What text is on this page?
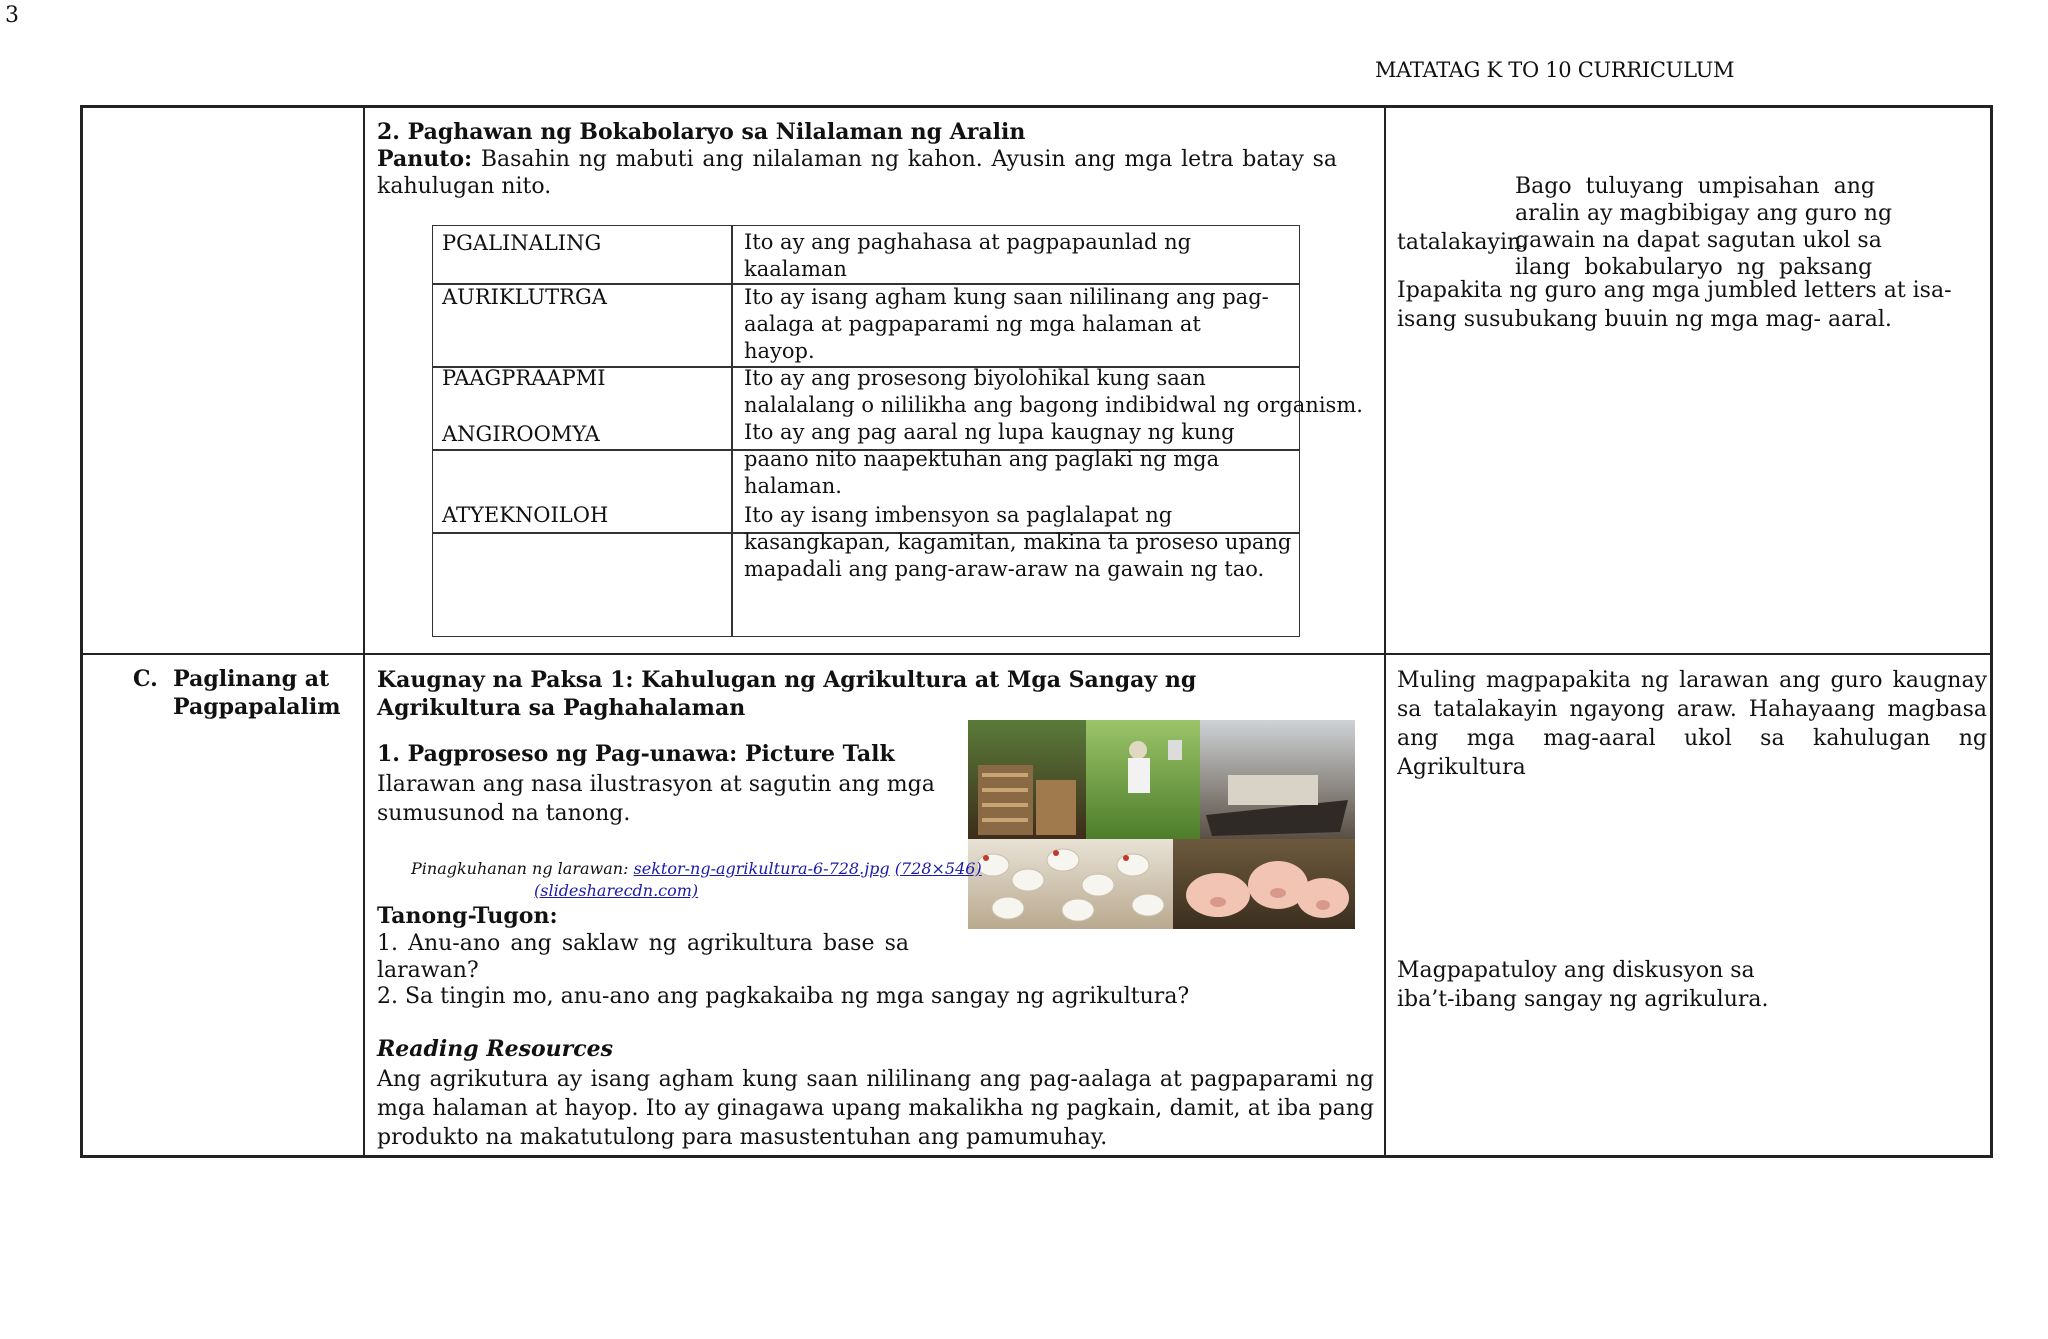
3
MATATAG K TO 10 CURRICULUM
2. Paghawan ng Bokabolaryo sa Nilalaman ng Aralin
Panuto: Basahin ng mabuti ang nilalaman ng kahon. Ayusin ang mga letra batay sa kahulugan nito.
PGALINALING
AURIKLUTRGA
PAAGPRAAPMI
ANGIROOMYA
ATYEKNOILOH
Ito ay ang paghahasa at pagpapaunlad ng
kaalaman
Ito ay isang agham kung saan nililinang ang pag-
aalaga at pagpaparami ng mga halaman at
hayop.
Ito ay ang prosesong biyolohikal kung saan
nalalalang o nililikha ang bagong indibidwal ng organism.
Ito ay ang pag aaral ng lupa kaugnay ng kung
paano nito naapektuhan ang paglaki ng mga
halaman.
Ito ay isang imbensyon sa paglalapat ng
kasangkapan, kagamitan, makina ta proseso upang
mapadali ang pang-araw-araw na gawain ng tao.

Bago  tuluyang  umpisahan  ang
aralin ay magbibigay ang guro ng
gawain na dapat sagutan ukol sa
ilang  bokabularyo  ng  paksang

tatalakayin.
Ipapakita ng guro ang mga jumbled letters at isa-isang susubukang buuin ng mga mag- aaral.
C. Paglinang at
Pagpapalalim
Kaugnay na Paksa 1: Kahulugan ng Agrikultura at Mga Sangay ng Agrikultura sa Paghahalaman
1. Pagproseso ng Pag-unawa: Picture Talk
Ilarawan ang nasa ilustrasyon at sagutin ang mga sumusunod na tanong.
Pinagkuhanan ng larawan: sektor-ng-agrikultura-6-728.jpg (728×546)
(slidesharecdn.com)
Tanong-Tugon:
1. Anu-ano ang saklaw ng agrikultura base sa larawan?
2. Sa tingin mo, anu-ano ang pagkakaiba ng mga sangay ng agrikultura?
Reading Resources
Ang agrikutura ay isang agham kung saan nililinang ang pag-aalaga at pagpaparami ng mga halaman at hayop. Ito ay ginagawa upang makalikha ng pagkain, damit, at iba pang produkto na makatutulong para masustentuhan ang pamumuhay.
Muling magpapakita ng larawan ang guro kaugnay sa tatalakayin ngayong araw. Hahayaang magbasa ang mga mag-aaral ukol sa kahulugan ng Agrikultura
Magpapatuloy ang diskusyon sa
iba’t-ibang sangay ng agrikulura.
